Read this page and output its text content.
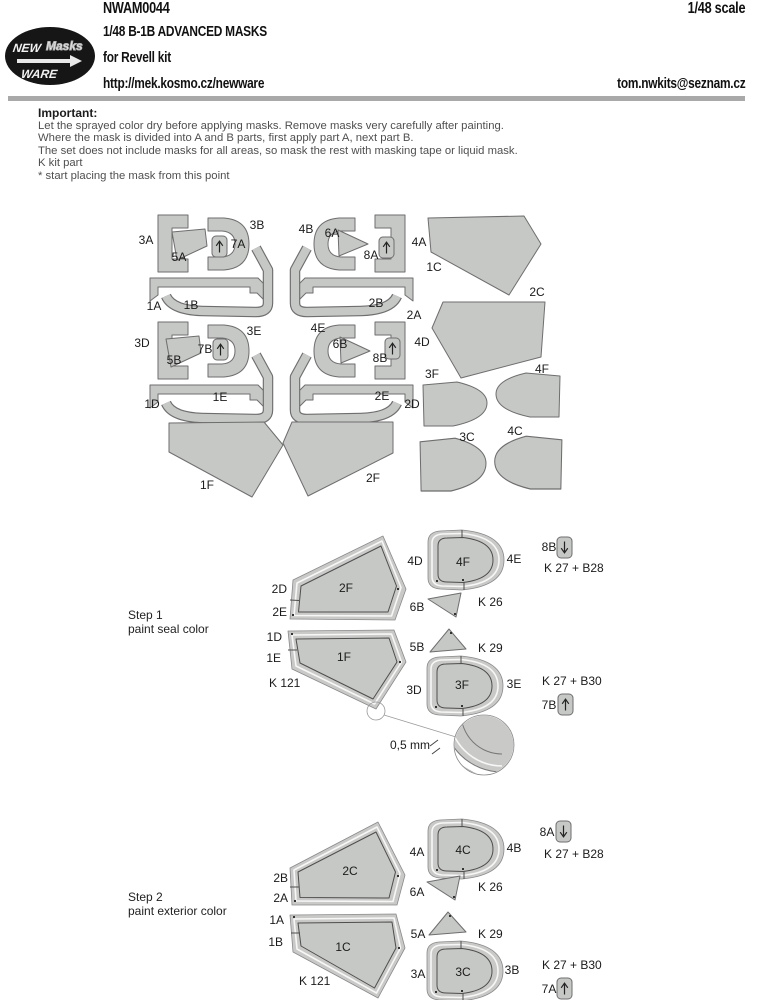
NEW Masks
WARE
NWAM0044	1/48 scale
1/48 B-1B ADVANCED MASKS
for Revell kit
http://mek.kosmo.cz/newware	tom.nwkits@seznam.cz
Important:
Let the sprayed color dry before applying masks. Remove masks very carefully after painting.
Where the mask is divided into A and B parts, first apply part A, next part B.
The set does not include masks for all areas, so mask the rest with masking tape or liquid mask.
K kit part
* start placing the mask from this point
3A
5A
7A
3B	4B 6A
8A
4A
1C
2C
1A 1B	2B
2A
3D
5B
7B
3E	4E
6B
8B
4D
3F	4F
1D	1E	2E
2D
1F	2F
3C	4C
Step 1
paint seal color
0,5 mm
2D
2E
2F
1D
1E	1F
K 121
4D	4F	4E
8B
K 27 + B28
6B	K 26
5B	K 29
3D	3F	3E K 27 + B30
7B
Step 2
paint exterior color
2B
2A
2C
1A
1B	1C
K 121
4A	4C	4B
8A
K 27 + B28
6A	K 26
5A	K 29
3A 3C	3B K 27 + B30
7A
